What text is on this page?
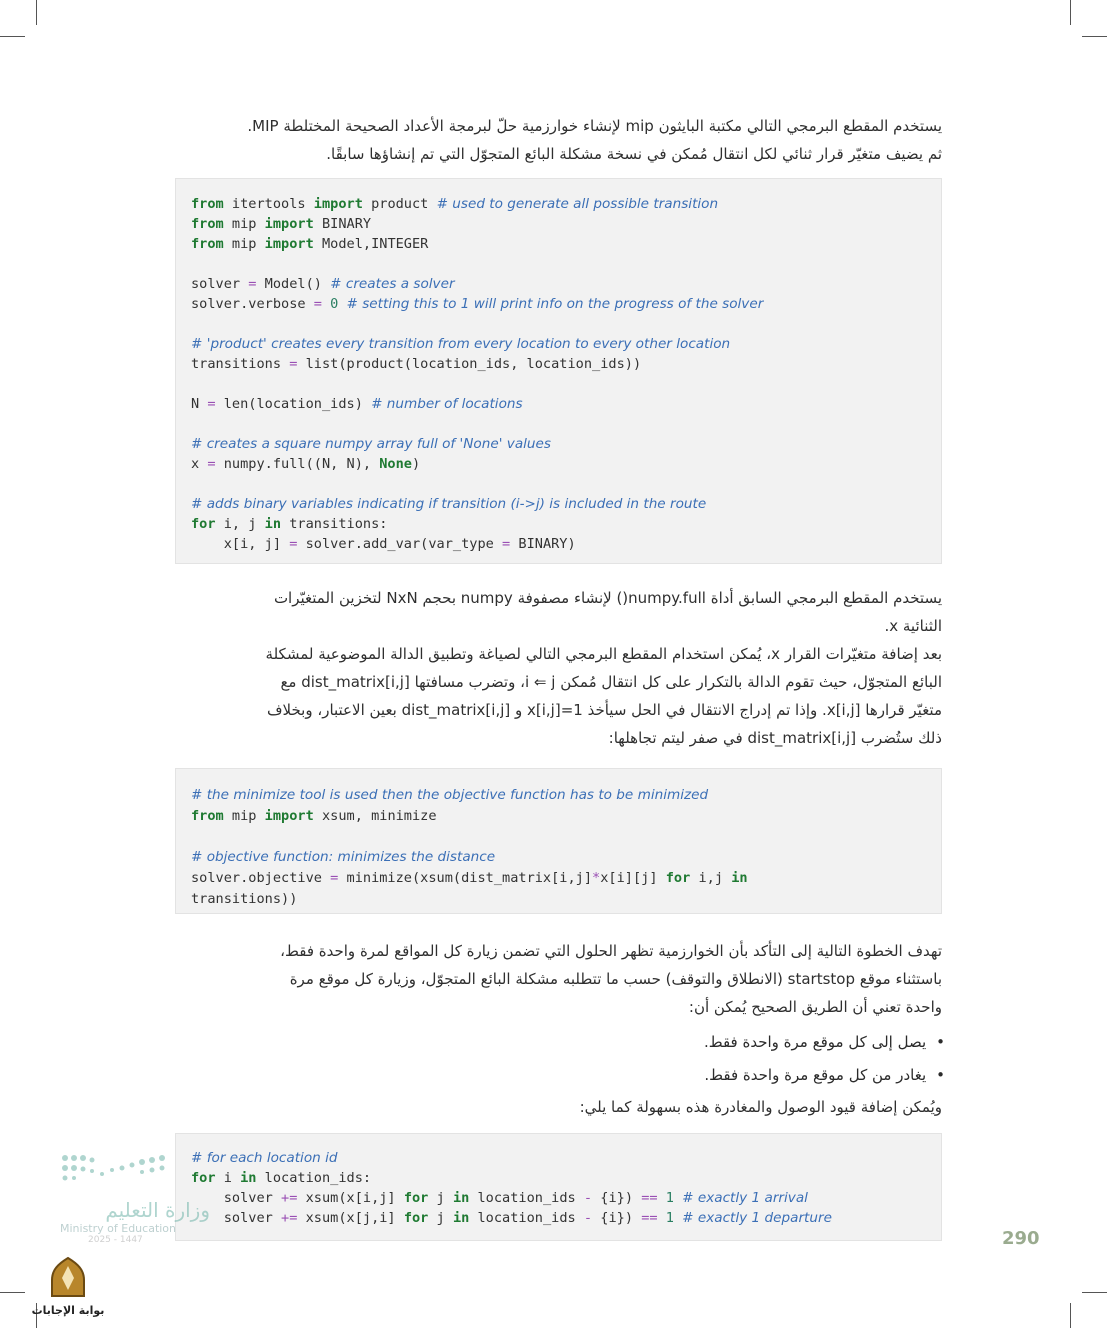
يستخدم المقطع البرمجي التالي مكتبة البايثون mip لإنشاء خوارزمية حلّ لبرمجة الأعداد الصحيحة المختلطة MIP.
ثم يضيف متغيّر قرار ثنائي لكل انتقال مُمكن في نسخة مشكلة البائع المتجوّل التي تم إنشاؤها سابقًا.
from itertools import product # used to generate all possible transition
from mip import BINARY
from mip import Model,INTEGER
solver = Model() # creates a solver
solver.verbose = 0 # setting this to 1 will print info on the progress of the solver
# 'product' creates every transition from every location to every other location
transitions = list(product(location_ids, location_ids))
N = len(location_ids) # number of locations
# creates a square numpy array full of 'None' values
x = numpy.full((N, N), None)
# adds binary variables indicating if transition (i->j) is included in the route
for i, j in transitions:
x[i, j] = solver.add_var(var_type = BINARY)
يستخدم المقطع البرمجي السابق أداة numpy.full() لإنشاء مصفوفة numpy بحجم NxN لتخزين المتغيّرات
الثنائية x.
بعد إضافة متغيّرات القرار x، يُمكن استخدام المقطع البرمجي التالي لصياغة وتطبيق الدالة الموضوعية لمشكلة
البائع المتجوّل، حيث تقوم الدالة بالتكرار على كل انتقال مُمكن i ⇐ j، وتضرب مسافتها dist_matrix[i,j] مع
متغيّر قرارها x[i,j]. وإذا تم إدراج الانتقال في الحل سيأخذ x[i,j]=1 و dist_matrix[i,j] بعين الاعتبار، وبخلاف
ذلك ستُضرب dist_matrix[i,j] في صفر ليتم تجاهلها:
# the minimize tool is used then the objective function has to be minimized
from mip import xsum, minimize
# objective function: minimizes the distance
solver.objective = minimize(xsum(dist_matrix[i,j]*x[i][j] for i,j in
transitions))
تهدف الخطوة التالية إلى التأكد بأن الخوارزمية تظهر الحلول التي تضمن زيارة كل المواقع لمرة واحدة فقط،
باستثناء موقع startstop (الانطلاق والتوقف) حسب ما تتطلبه مشكلة البائع المتجوّل، وزيارة كل موقع مرة
واحدة تعني أن الطريق الصحيح يُمكن أن:
•يصل إلى كل موقع مرة واحدة فقط.
•يغادر من كل موقع مرة واحدة فقط.
ويُمكن إضافة قيود الوصول والمغادرة هذه بسهولة كما يلي:
# for each location id
for i in location_ids:
solver += xsum(x[i,j] for j in location_ids - {i}) == 1 # exactly 1 arrival
solver += xsum(x[j,i] for j in location_ids - {i}) == 1 # exactly 1 departure
وزارة التعليم
Ministry of Education
2025 - 1447
بوابة الإجابات
290
